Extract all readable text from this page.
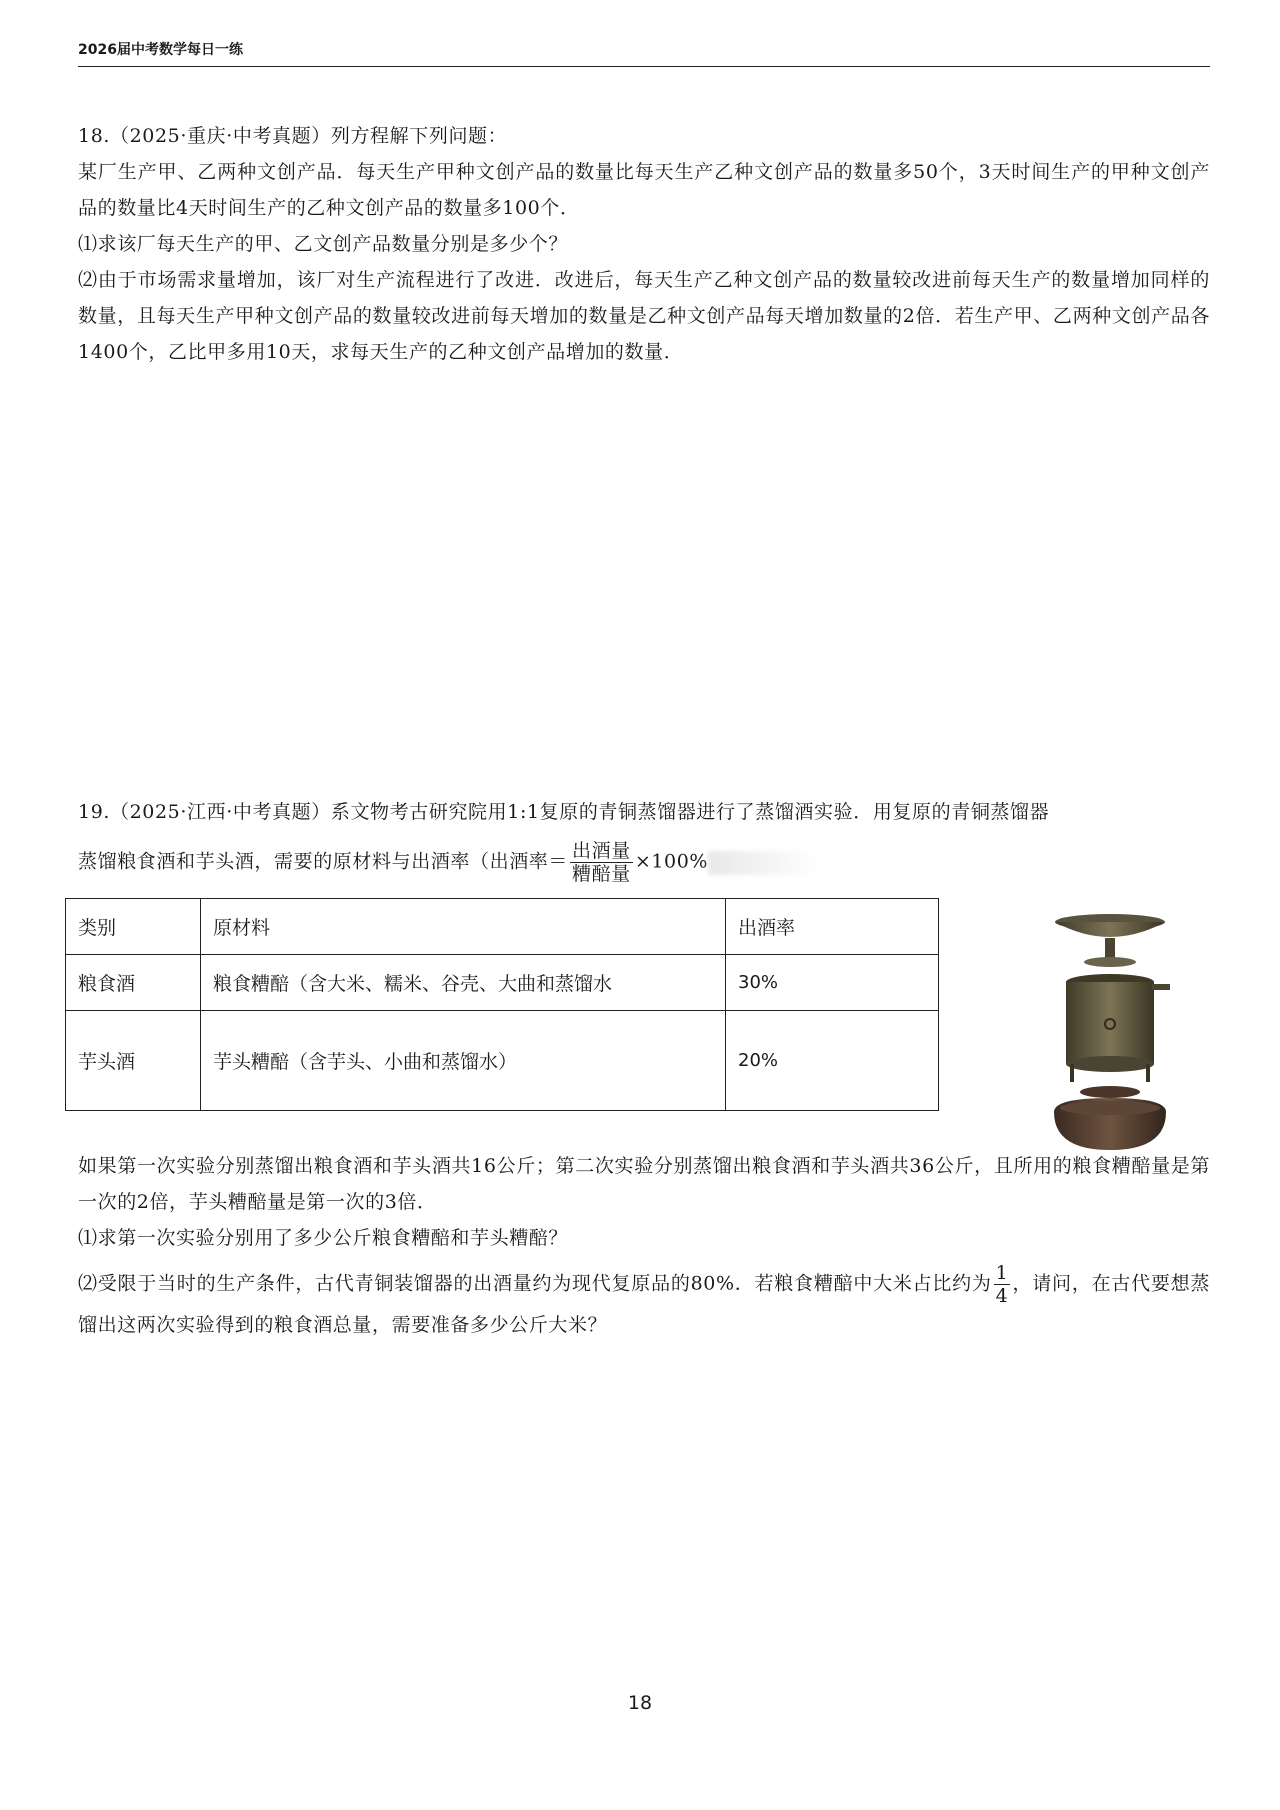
2026届中考数学每日一练

18.（2025·重庆·中考真题）列方程解下列问题：

某厂生产甲、乙两种文创产品．每天生产甲种文创产品的数量比每天生产乙种文创产品的数量多50个，3天时间生产的甲种文创产品的数量比4天时间生产的乙种文创产品的数量多100个．

⑴求该厂每天生产的甲、乙文创产品数量分别是多少个？

⑵由于市场需求量增加，该厂对生产流程进行了改进．改进后，每天生产乙种文创产品的数量较改进前每天生产的数量增加同样的数量，且每天生产甲种文创产品的数量较改进前每天增加的数量是乙种文创产品每天增加数量的2倍．若生产甲、乙两种文创产品各1400个，乙比甲多用10天，求每天生产的乙种文创产品增加的数量．

19.（2025·江西·中考真题）系文物考古研究院用1:1复原的青铜蒸馏器进行了蒸馏酒实验．用复原的青铜蒸馏器

蒸馏粮食酒和芋头酒，需要的原材料与出酒率（出酒率＝ $\frac{\text{出酒量}}{\text{糟醅量}} \times 100\%$

类别	原材料	出酒率
粮食酒	粮食糟醅（含大米、糯米、谷壳、大曲和蒸馏水	30%
芋头酒	芋头糟醅（含芋头、小曲和蒸馏水）	20%

如果第一次实验分别蒸馏出粮食酒和芋头酒共16公斤；第二次实验分别蒸馏出粮食酒和芋头酒共36公斤，且所用的粮食糟醅量是第一次的2倍，芋头糟醅量是第一次的3倍．

⑴求第一次实验分别用了多少公斤粮食糟醅和芋头糟醅？

⑵受限于当时的生产条件，古代青铜装馏器的出酒量约为现代复原品的80%．若粮食糟醅中大米占比约为 $\frac{1}{4}$ ，请问，在古代要想蒸馏出这两次实验得到的粮食酒总量，需要准备多少公斤大米？

18
